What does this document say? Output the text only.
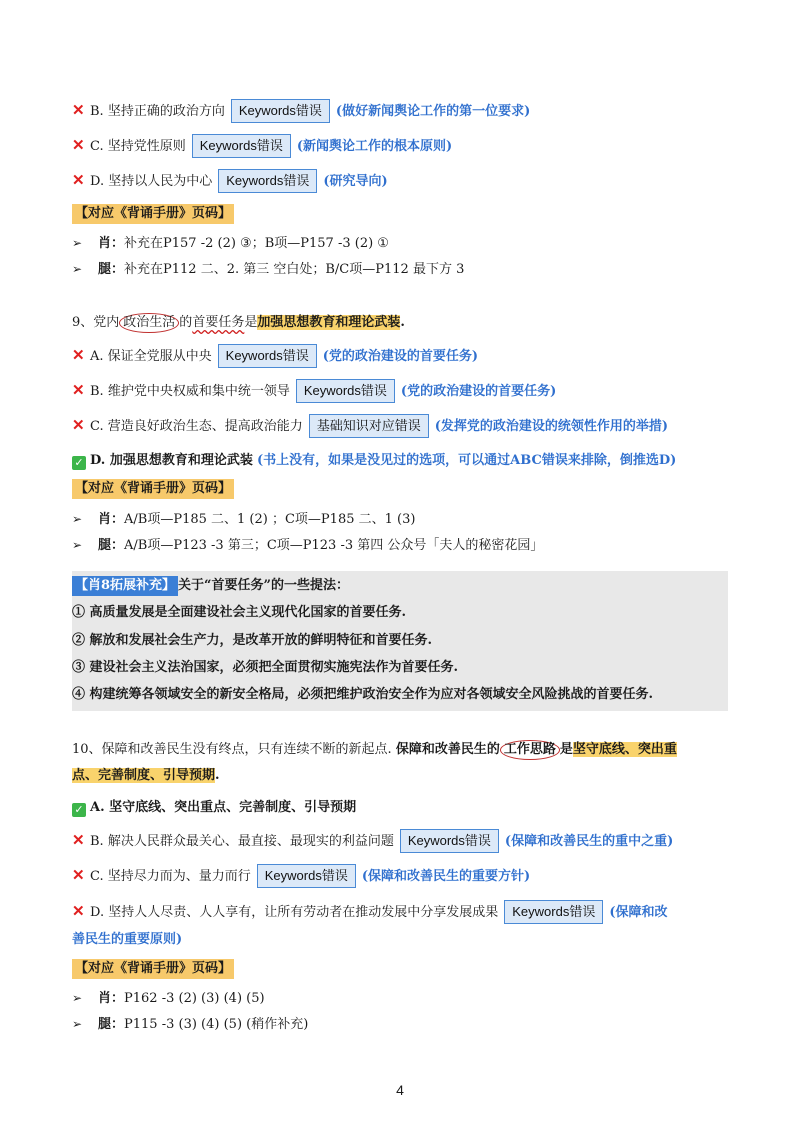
✕ B. 坚持正确的政治方向 Keywords错误 (做好新闻舆论工作的第一位要求)
✕ C. 坚持党性原则 Keywords错误 (新闻舆论工作的根本原则)
✕ D. 坚持以人民为中心 Keywords错误 (研究导向)
【对应《背诵手册》页码】
➢ 肖：补充在P157 -2 (2) ③；B项—P157 -3 (2) ①
➢ 腿：补充在P112 二、2. 第三 空白处；B/C项—P112 最下方 3
9、党内 政治生活 的首要任务是加强思想教育和理论武装.
✕ A. 保证全党服从中央 Keywords错误 (党的政治建设的首要任务)
✕ B. 维护党中央权威和集中统一领导 Keywords错误 (党的政治建设的首要任务)
✕ C. 营造良好政治生态、提高政治能力 基础知识对应错误 (发挥党的政治建设的统领性作用的举措)
✓ D. 加强思想教育和理论武装 (书上没有，如果是没见过的选项，可以通过ABC错误来排除，倒推选D)
【对应《背诵手册》页码】
➢ 肖：A/B项—P185 二、1 (2) ；C项—P185 二、1 (3)
➢ 腿：A/B项—P123 -3 第三；C项—P123 -3 第四 公众号「夫人的秘密花园」
【肖8拓展补充】 关于“首要任务”的一些提法：
① 高质量发展是全面建设社会主义现代化国家的首要任务.
② 解放和发展社会生产力，是改革开放的鲜明特征和首要任务.
③ 建设社会主义法治国家，必须把全面贯彻实施宪法作为首要任务.
④ 构建统筹各领域安全的新安全格局，必须把维护政治安全作为应对各领域安全风险挑战的首要任务.
10、保障和改善民生没有终点，只有连续不断的新起点. 保障和改善民生的 工作思路 是坚守底线、突出重
点、完善制度、引导预期.
✓ A. 坚守底线、突出重点、完善制度、引导预期
✕ B. 解决人民群众最关心、最直接、最现实的利益问题 Keywords错误 (保障和改善民生的重中之重)
✕ C. 坚持尽力而为、量力而行 Keywords错误 (保障和改善民生的重要方针)
✕ D. 坚持人人尽责、人人享有，让所有劳动者在推动发展中分享发展成果 Keywords错误 (保障和改
善民生的重要原则)
【对应《背诵手册》页码】
➢ 肖：P162 -3 (2) (3) (4) (5)
➢ 腿：P115 -3 (3) (4) (5) (稍作补充)
4
